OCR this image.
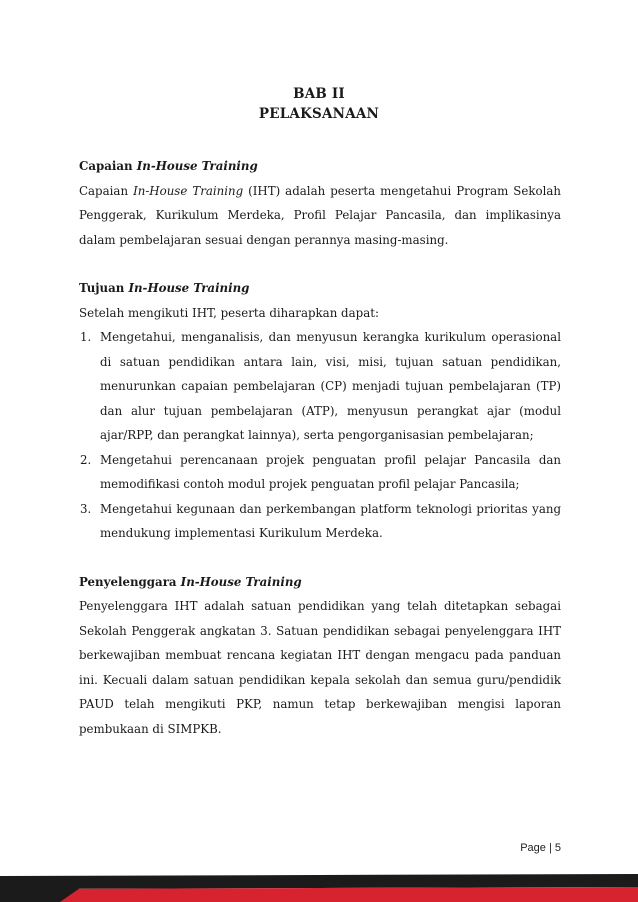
BAB II
PELAKSANAAN
Capaian In-House Training

Capaian In-House Training (IHT) adalah peserta mengetahui Program Sekolah Penggerak, Kurikulum Merdeka, Profil Pelajar Pancasila, dan implikasinya dalam pembelajaran sesuai dengan perannya masing-masing.

Tujuan In-House Training

Setelah mengikuti IHT, peserta diharapkan dapat:

1. Mengetahui, menganalisis, dan menyusun kerangka kurikulum operasional di satuan pendidikan antara lain, visi, misi, tujuan satuan pendidikan, menurunkan capaian pembelajaran (CP) menjadi tujuan pembelajaran (TP) dan alur tujuan pembelajaran (ATP), menyusun perangkat ajar (modul ajar/RPP, dan perangkat lainnya), serta pengorganisasian pembelajaran;
2. Mengetahui perencanaan projek penguatan profil pelajar Pancasila dan memodifikasi contoh modul projek penguatan profil pelajar Pancasila;
3. Mengetahui kegunaan dan perkembangan platform teknologi prioritas yang mendukung implementasi Kurikulum Merdeka.
Penyelenggara In-House Training

Penyelenggara IHT adalah satuan pendidikan yang telah ditetapkan sebagai Sekolah Penggerak angkatan 3. Satuan pendidikan sebagai penyelenggara IHT berkewajiban membuat rencana kegiatan IHT dengan mengacu pada panduan ini. Kecuali dalam satuan pendidikan kepala sekolah dan semua guru/pendidik PAUD telah mengikuti PKP, namun tetap berkewajiban mengisi laporan pembukaan di SIMPKB.

Page | 5
